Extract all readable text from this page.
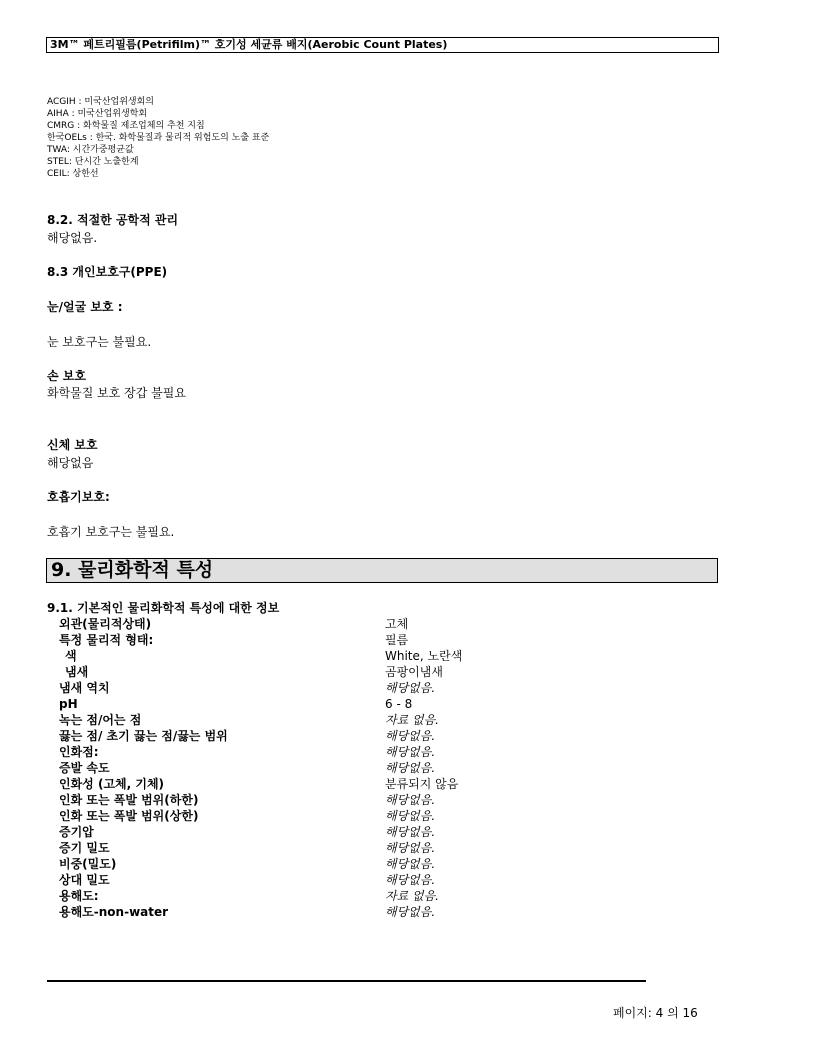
3M™ 페트리필름(Petrifilm)™ 호기성 세균류 배지(Aerobic Count Plates)
ACGIH : 미국산업위생회의
AIHA : 미국산업위생학회
CMRG : 화학물질 제조업체의 추천 지침
한국OELs : 한국. 화학물질과 물리적 위험도의 노출 표준
TWA: 시간가중평균값
STEL: 단시간 노출한계
CEIL: 상한선
8.2. 적절한 공학적 관리
해당없음.
8.3 개인보호구(PPE)
눈/얼굴 보호 :
눈 보호구는 불필요.
손 보호
화학물질 보호 장갑 불필요
신체 보호
해당없음
호흡기보호:
호흡기 보호구는 불필요.
9. 물리화학적 특성
9.1. 기본적인 물리화학적 특성에 대한 정보
외관(물리적상태)	고체
특정 물리적 형태:	필름
색	White, 노란색
냄새	곰팡이냄새
냄새 역치	해당없음.
pH	6 - 8
녹는 점/어는 점	자료 없음.
끓는 점/ 초기 끓는 점/끓는 범위	해당없음.
인화점:	해당없음.
증발 속도	해당없음.
인화성 (고체, 기체)	분류되지 않음
인화 또는 폭발 범위(하한)	해당없음.
인화 또는 폭발 범위(상한)	해당없음.
증기압	해당없음.
증기 밀도	해당없음.
비중(밀도)	해당없음.
상대 밀도	해당없음.
용해도:	자료 없음.
용해도-non-water	해당없음.
페이지: 4 의 16
